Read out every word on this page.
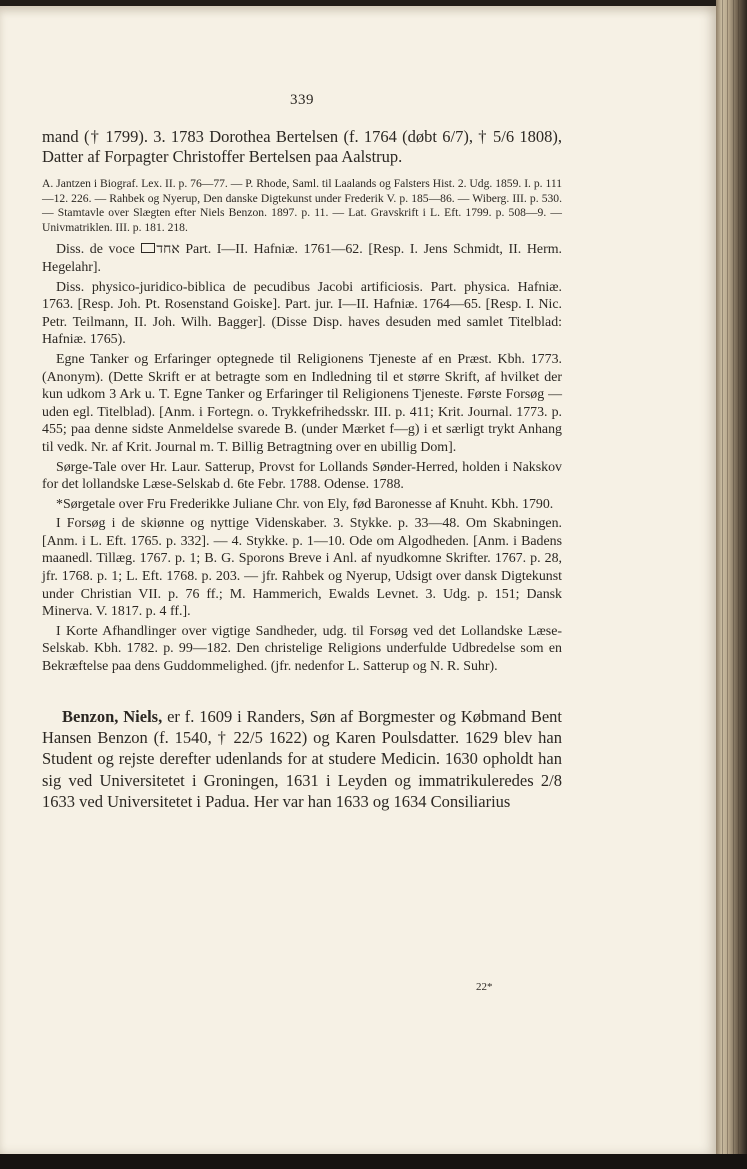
339

mand († 1799). 3. 1783 Dorothea Bertelsen (f. 1764 (døbt 6/7), † 5/6 1808), Datter af Forpagter Christoffer Bertelsen paa Aalstrup.

A. Jantzen i Biograf. Lex. II. p. 76—77. — P. Rhode, Saml. til Laalands og Falsters Hist. 2. Udg. 1859. I. p. 111—12. 226. — Rahbek og Nyerup, Den danske Digtekunst under Frederik V. p. 185—86. — Wiberg. III. p. 530. — Stamtavle over Slægten efter Niels Benzon. 1897. p. 11. — Lat. Gravskrift i L. Eft. 1799. p. 508—9. — Univmatriklen. III. p. 181. 218.

Diss. de voce אחד Part. I—II. Hafniæ. 1761—62. [Resp. I. Jens Schmidt, II. Herm. Hegelahr].

Diss. physico-juridico-biblica de pecudibus Jacobi artificiosis. Part. physica. Hafniæ. 1763. [Resp. Joh. Pt. Rosenstand Goiske]. Part. jur. I—II. Hafniæ. 1764—65. [Resp. I. Nic. Petr. Teilmann, II. Joh. Wilh. Bagger]. (Disse Disp. haves desuden med samlet Titelblad: Hafniæ. 1765).

Egne Tanker og Erfaringer optegnede til Religionens Tjeneste af en Præst. Kbh. 1773. (Anonym). (Dette Skrift er at betragte som en Indledning til et større Skrift, af hvilket der kun udkom 3 Ark u. T. Egne Tanker og Erfaringer til Religionens Tjeneste. Første Forsøg — uden egl. Titelblad). [Anm. i Fortegn. o. Trykkefrihedsskr. III. p. 411; Krit. Journal. 1773. p. 455; paa denne sidste Anmeldelse svarede B. (under Mærket f—g) i et særligt trykt Anhang til vedk. Nr. af Krit. Journal m. T. Billig Betragtning over en ubillig Dom].

Sørge-Tale over Hr. Laur. Satterup, Provst for Lollands Sønder-Herred, holden i Nakskov for det lollandske Læse-Selskab d. 6te Febr. 1788. Odense. 1788.

*Sørgetale over Fru Frederikke Juliane Chr. von Ely, fød Baronesse af Knuht. Kbh. 1790.

I Forsøg i de skiønne og nyttige Videnskaber. 3. Stykke. p. 33—48. Om Skabningen. [Anm. i L. Eft. 1765. p. 332]. — 4. Stykke. p. 1—10. Ode om Algodheden. [Anm. i Badens maanedl. Tillæg. 1767. p. 1; B. G. Sporons Breve i Anl. af nyudkomne Skrifter. 1767. p. 28, jfr. 1768. p. 1; L. Eft. 1768. p. 203. — jfr. Rahbek og Nyerup, Udsigt over dansk Digtekunst under Christian VII. p. 76 ff.; M. Hammerich, Ewalds Levnet. 3. Udg. p. 151; Dansk Minerva. V. 1817. p. 4 ff.].

I Korte Afhandlinger over vigtige Sandheder, udg. til Forsøg ved det Lollandske Læse-Selskab. Kbh. 1782. p. 99—182. Den christelige Religions underfulde Udbredelse som en Bekræftelse paa dens Guddommelighed. (jfr. nedenfor L. Satterup og N. R. Suhr).

Benzon, Niels, er f. 1609 i Randers, Søn af Borgmester og Købmand Bent Hansen Benzon (f. 1540, † 22/5 1622) og Karen Poulsdatter. 1629 blev han Student og rejste derefter udenlands for at studere Medicin. 1630 opholdt han sig ved Universitetet i Groningen, 1631 i Leyden og immatrikuleredes 2/8 1633 ved Universitetet i Padua. Her var han 1633 og 1634 Consiliarius

22*
